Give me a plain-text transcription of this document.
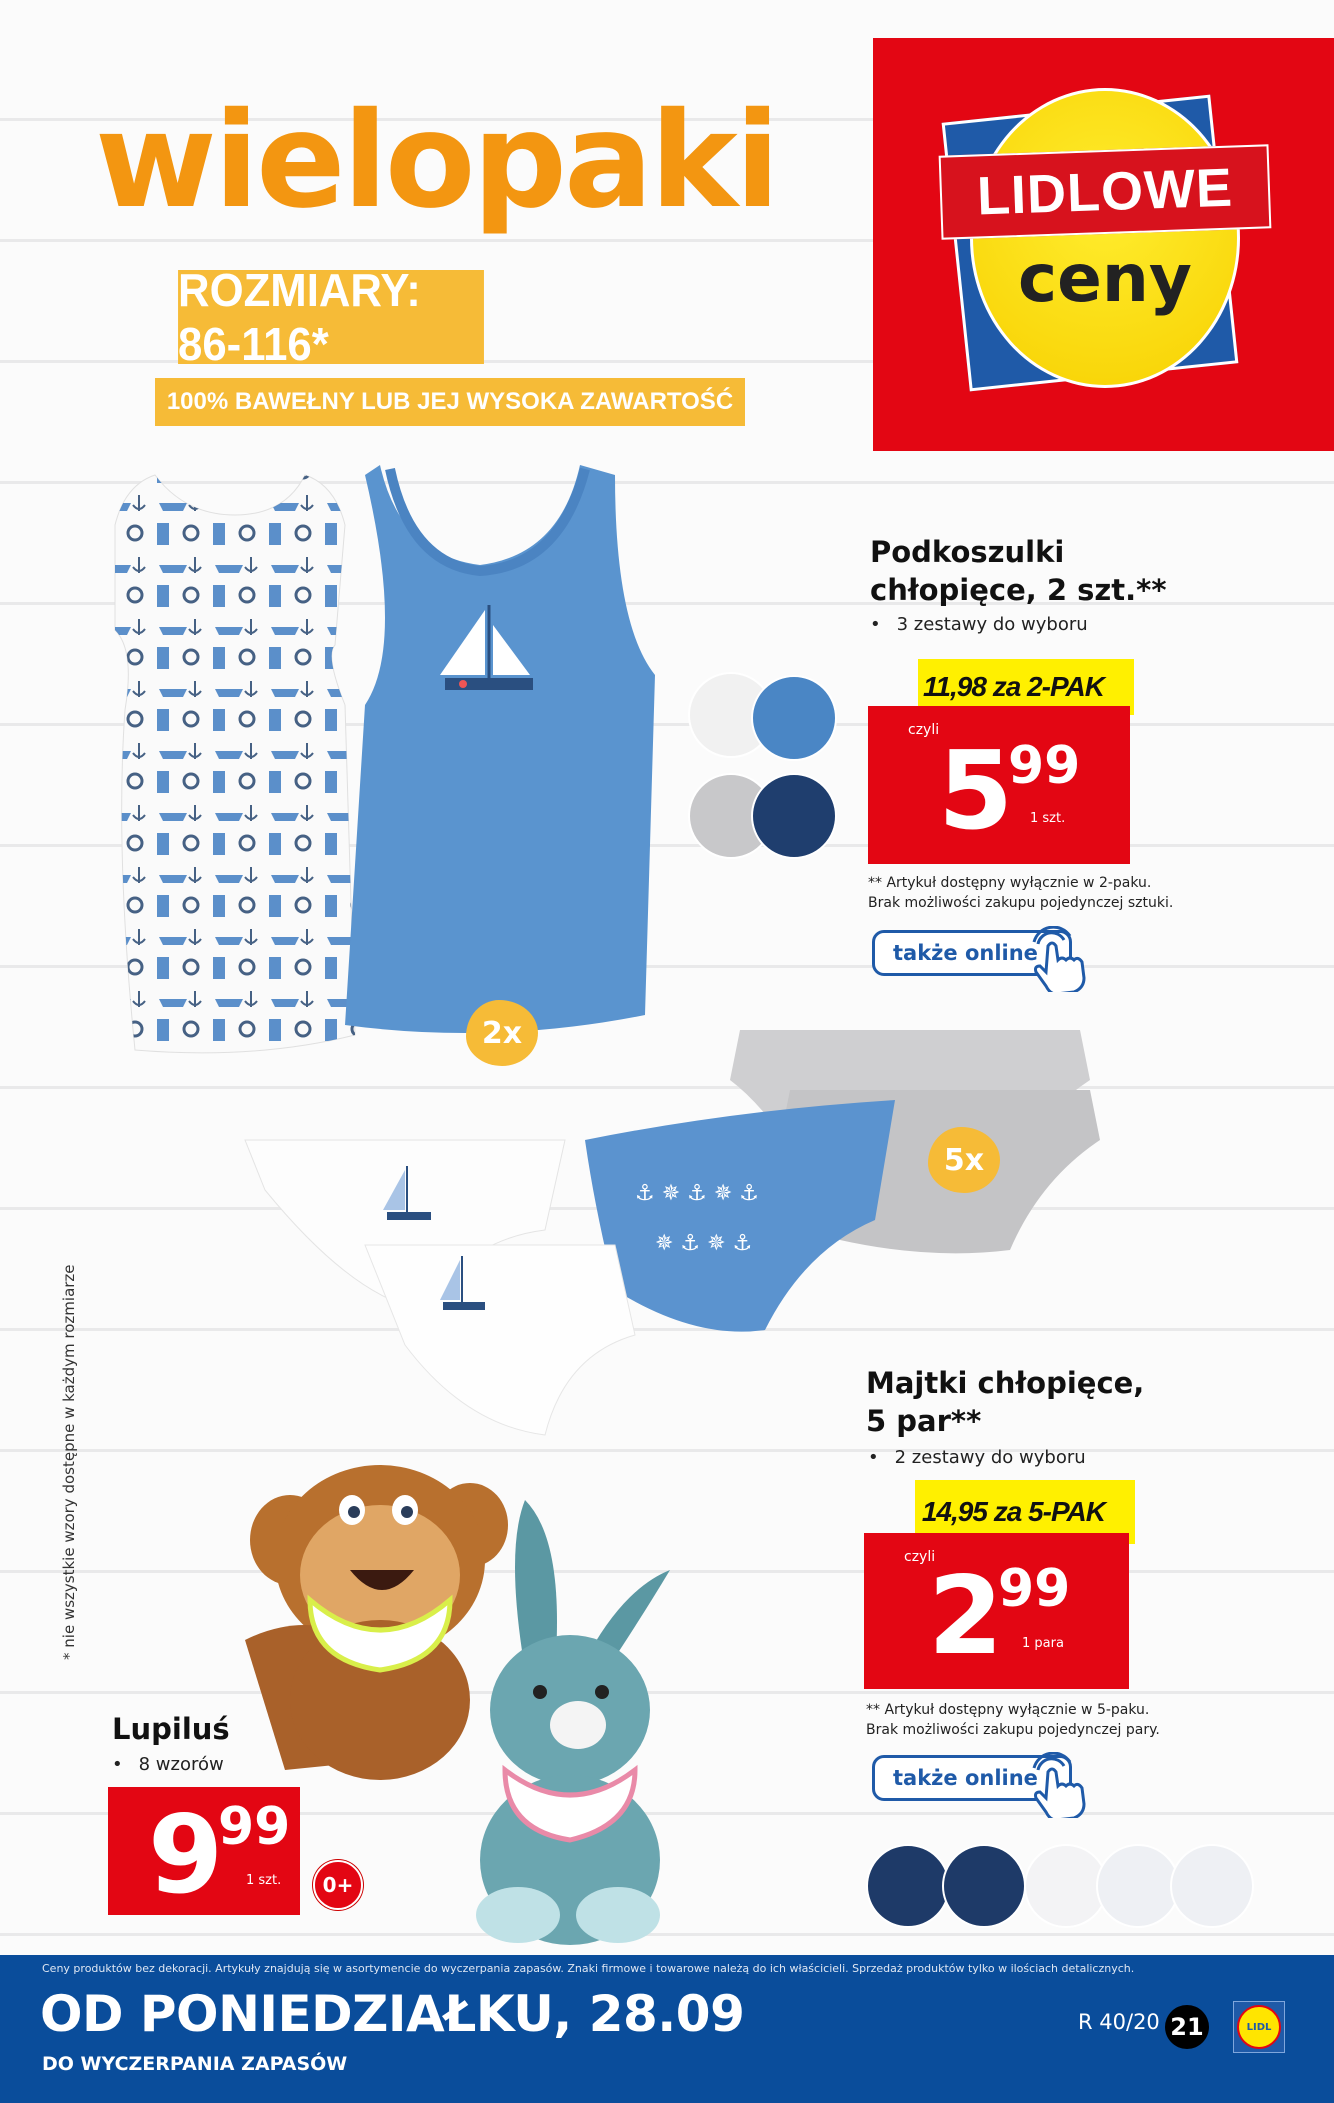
wielopaki
ROZMIARY: 86-116*
100% BAWEŁNY LUB JEJ WYSOKA ZAWARTOŚĆ
LIDLOWE
ceny
2x
Podkoszulki
chłopięce, 2 szt.**
• 3 zestawy do wyboru
11,98 za 2-PAK
czyli
5
99
1 szt.
** Artykuł dostępny wyłącznie w 2-paku.
Brak możliwości zakupu pojedynczej sztuki.
także online
⚓ ✵ ⚓ ✵ ⚓
✵ ⚓ ✵ ⚓
5x
* nie wszystkie wzory dostępne w każdym rozmiarze	Majtki chłopięce,
5 par**
• 2 zestawy do wyboru
14,95 za 5-PAK
czyli
2
99
1 para
** Artykuł dostępny wyłącznie w 5-paku.
Brak możliwości zakupu pojedynczej pary.
także online
Lupiluś
• 8 wzorów
9
99
1 szt.	0+
Ceny produktów bez dekoracji. Artykuły znajdują się w asortymencie do wyczerpania zapasów. Znaki firmowe i towarowe należą do ich właścicieli. Sprzedaż produktów tylko w ilościach detalicznych.
OD PONIEDZIAŁKU, 28.09
DO WYCZERPANIA ZAPASÓW
R 40/20 21	LIDL
